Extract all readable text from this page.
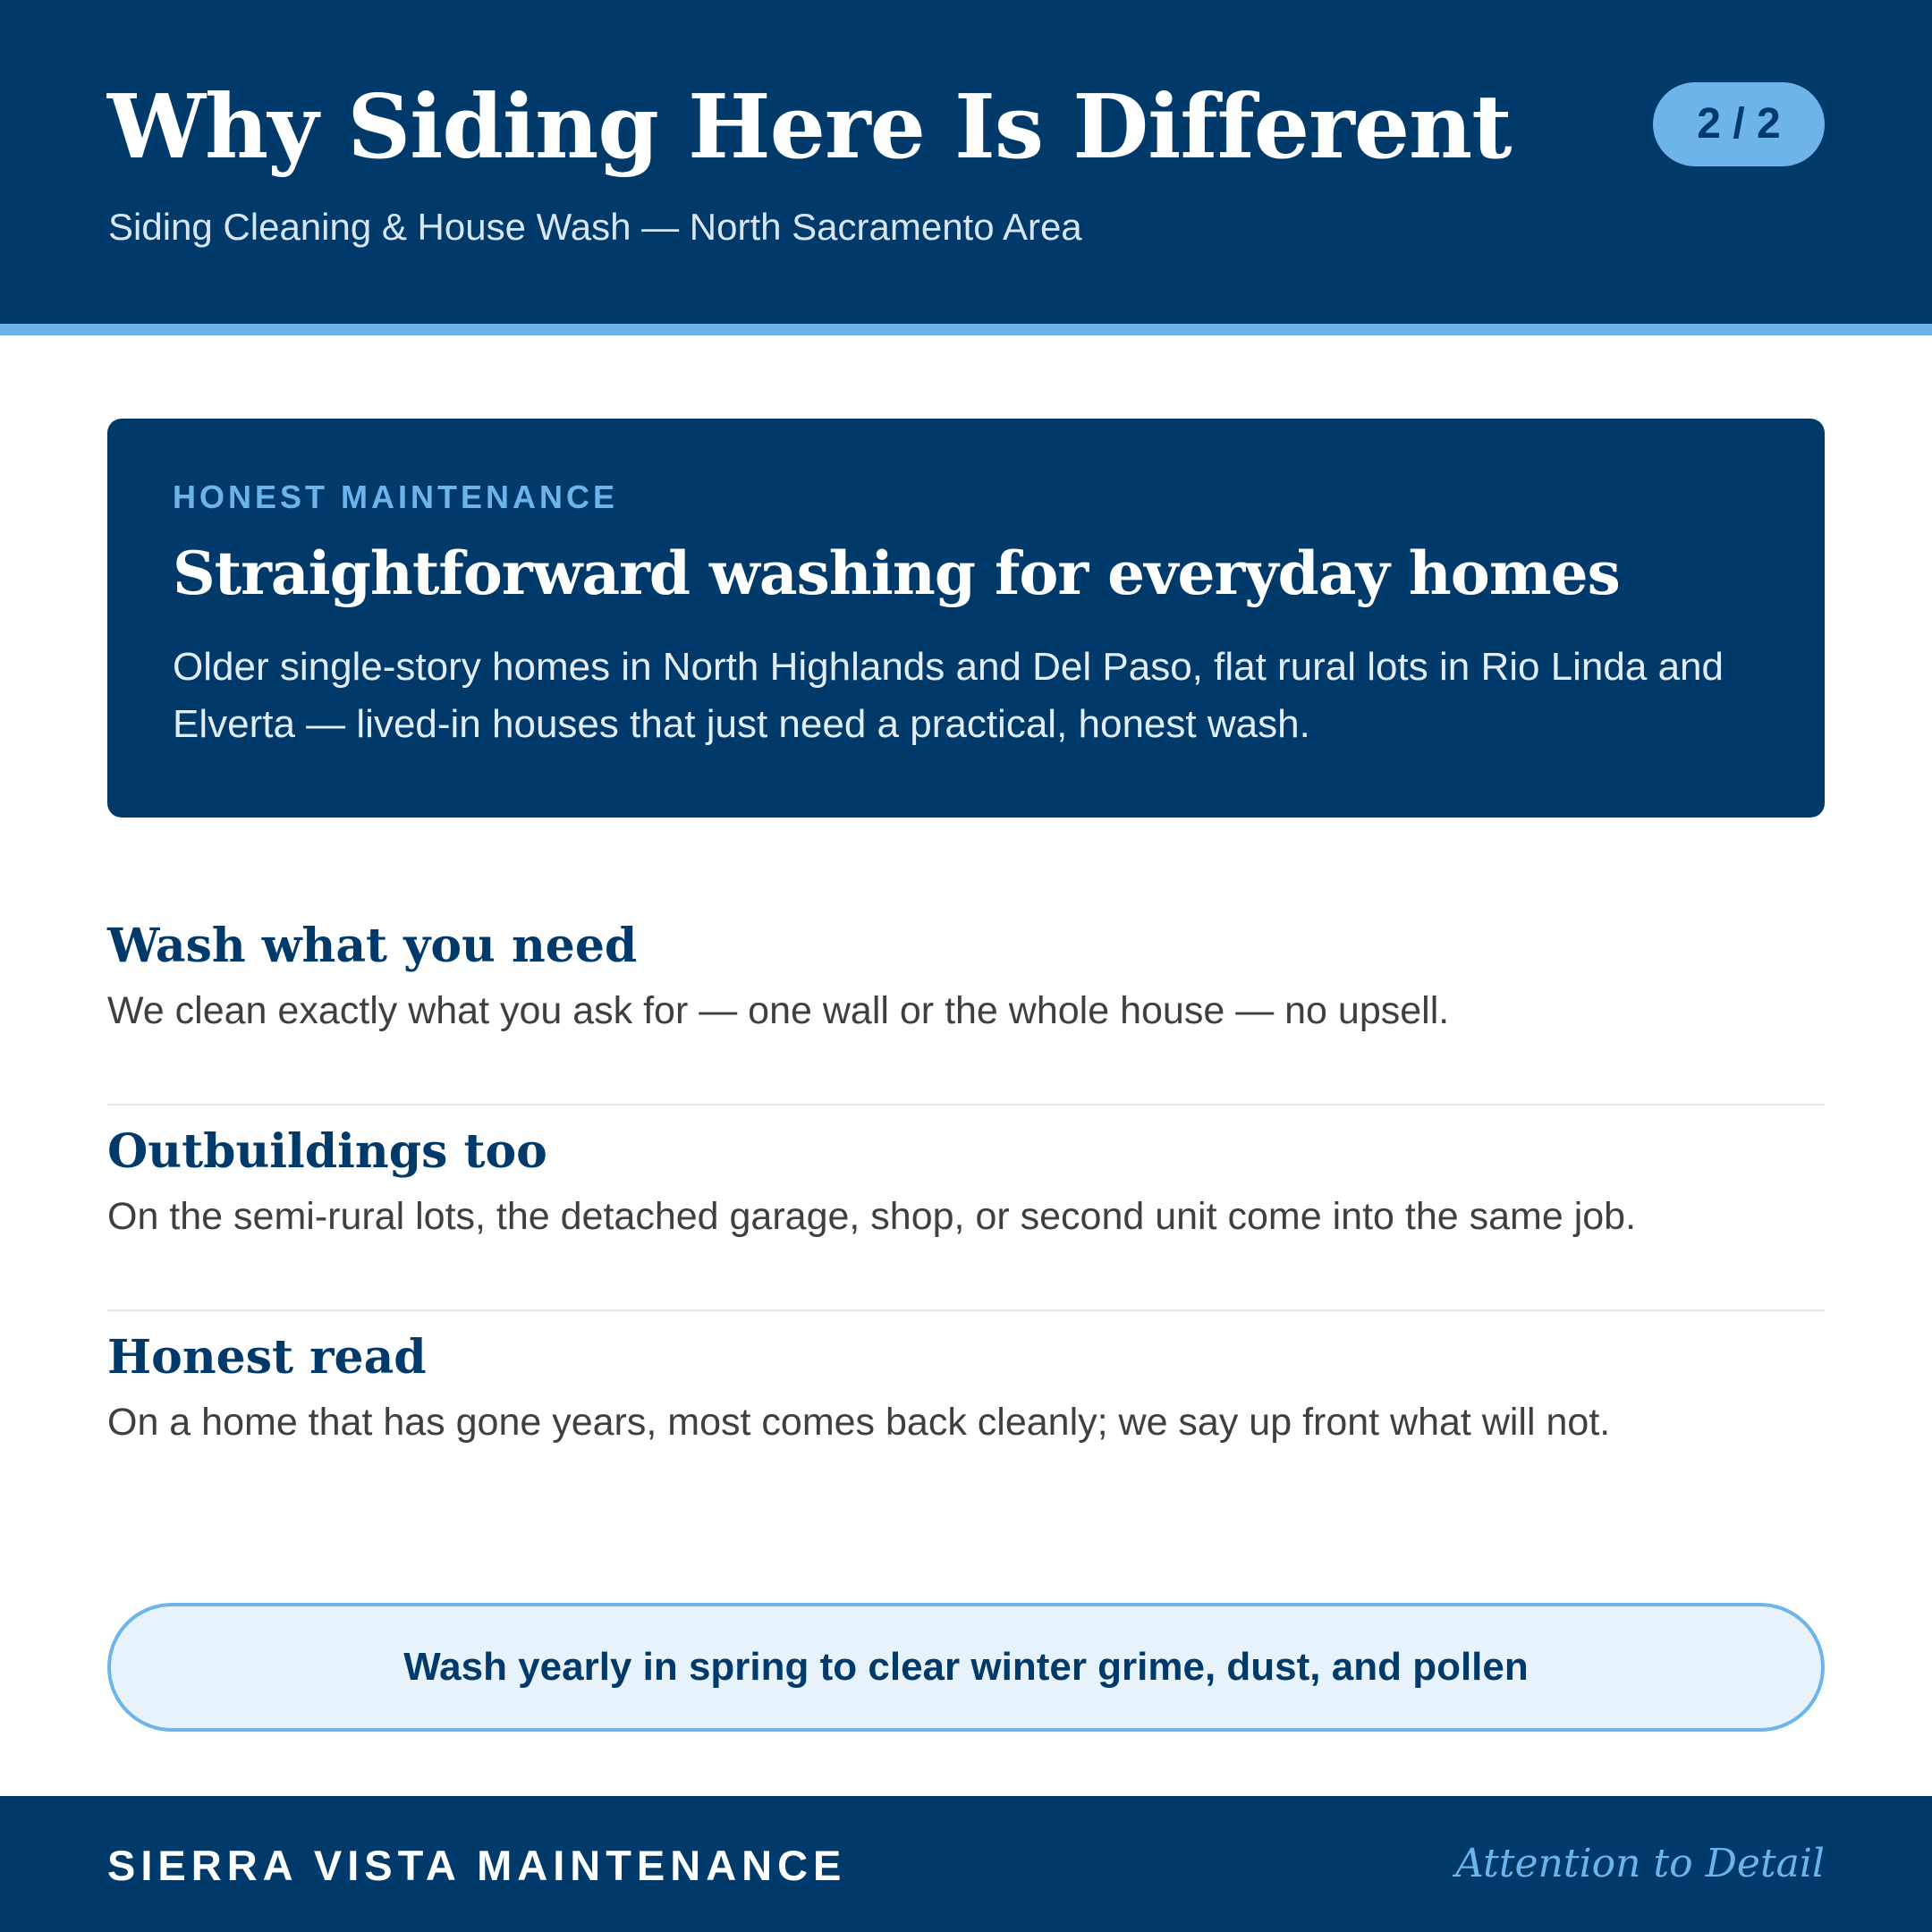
Why Siding Here Is Different
Siding Cleaning & House Wash — North Sacramento Area
2 / 2
HONEST MAINTENANCE
Straightforward washing for everyday homes
Older single-story homes in North Highlands and Del Paso, flat rural lots in Rio Linda and Elverta — lived-in houses that just need a practical, honest wash.
Wash what you need
We clean exactly what you ask for — one wall or the whole house — no upsell.
Outbuildings too
On the semi-rural lots, the detached garage, shop, or second unit come into the same job.
Honest read
On a home that has gone years, most comes back cleanly; we say up front what will not.
Wash yearly in spring to clear winter grime, dust, and pollen
SIERRA VISTA MAINTENANCE	Attention to Detail
